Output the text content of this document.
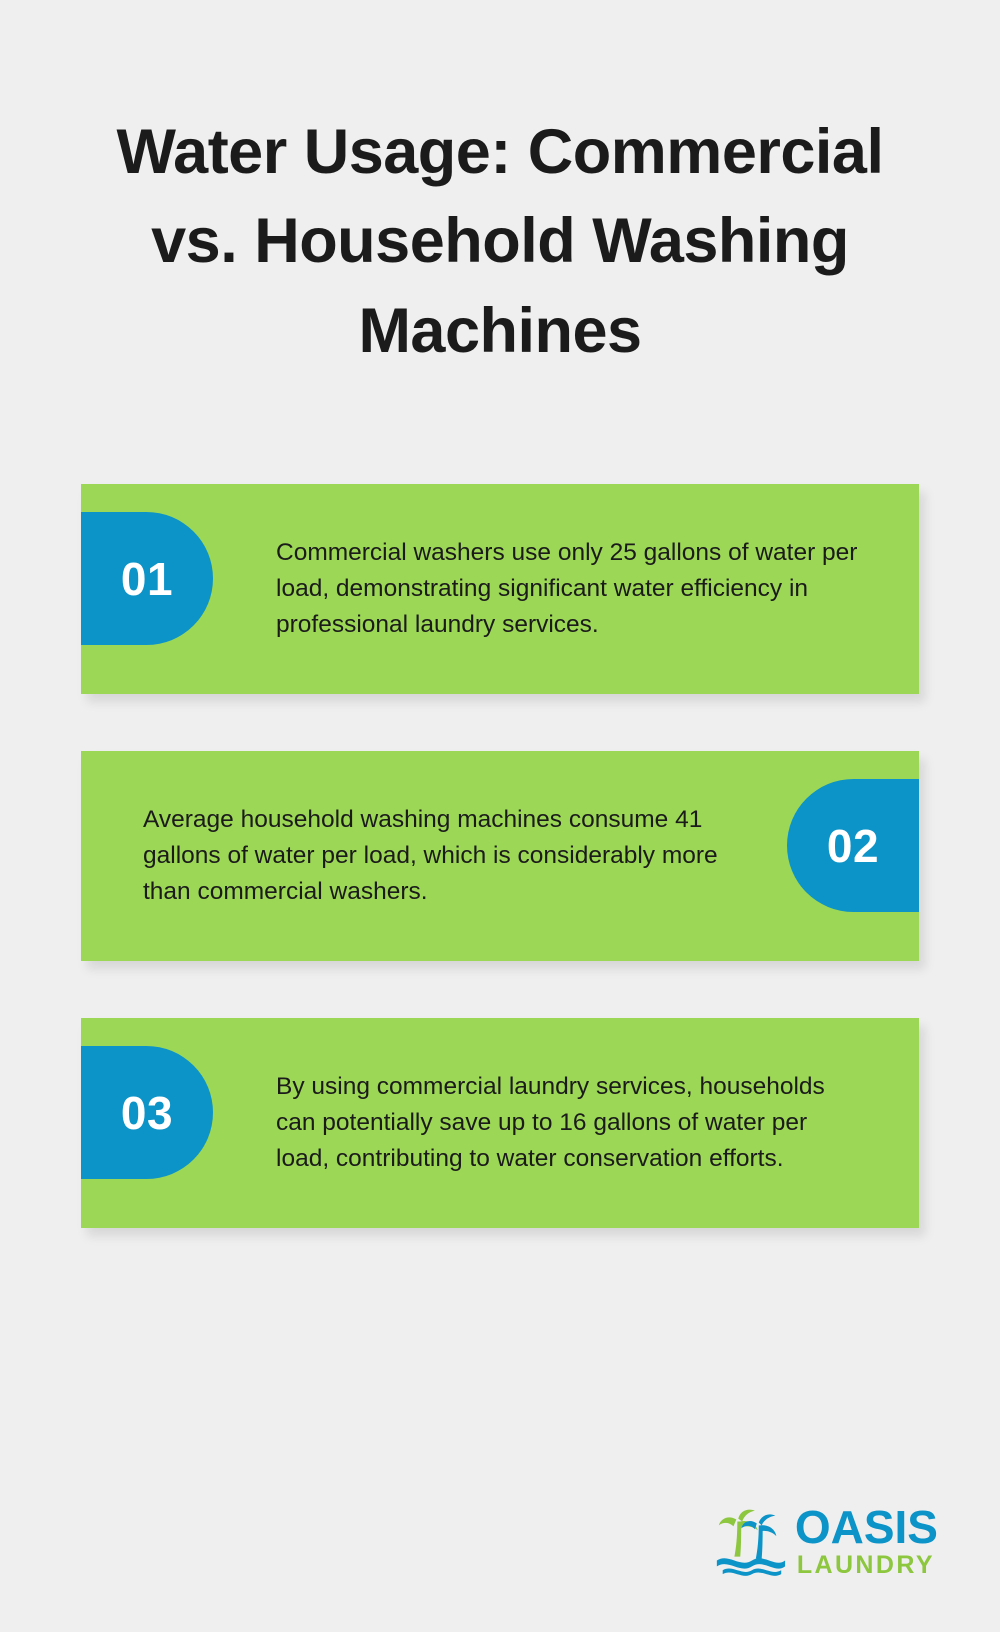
Water Usage: Commercial vs. Household Washing Machines
01	Commercial washers use only 25 gallons of water per load, demonstrating significant water efficiency in professional laundry services.
02
Average household washing machines consume 41 gallons of water per load, which is considerably more than commercial washers.
03	By using commercial laundry services, households can potentially save up to 16 gallons of water per load, contributing to water conservation efforts.
OASIS
LAUNDRY
